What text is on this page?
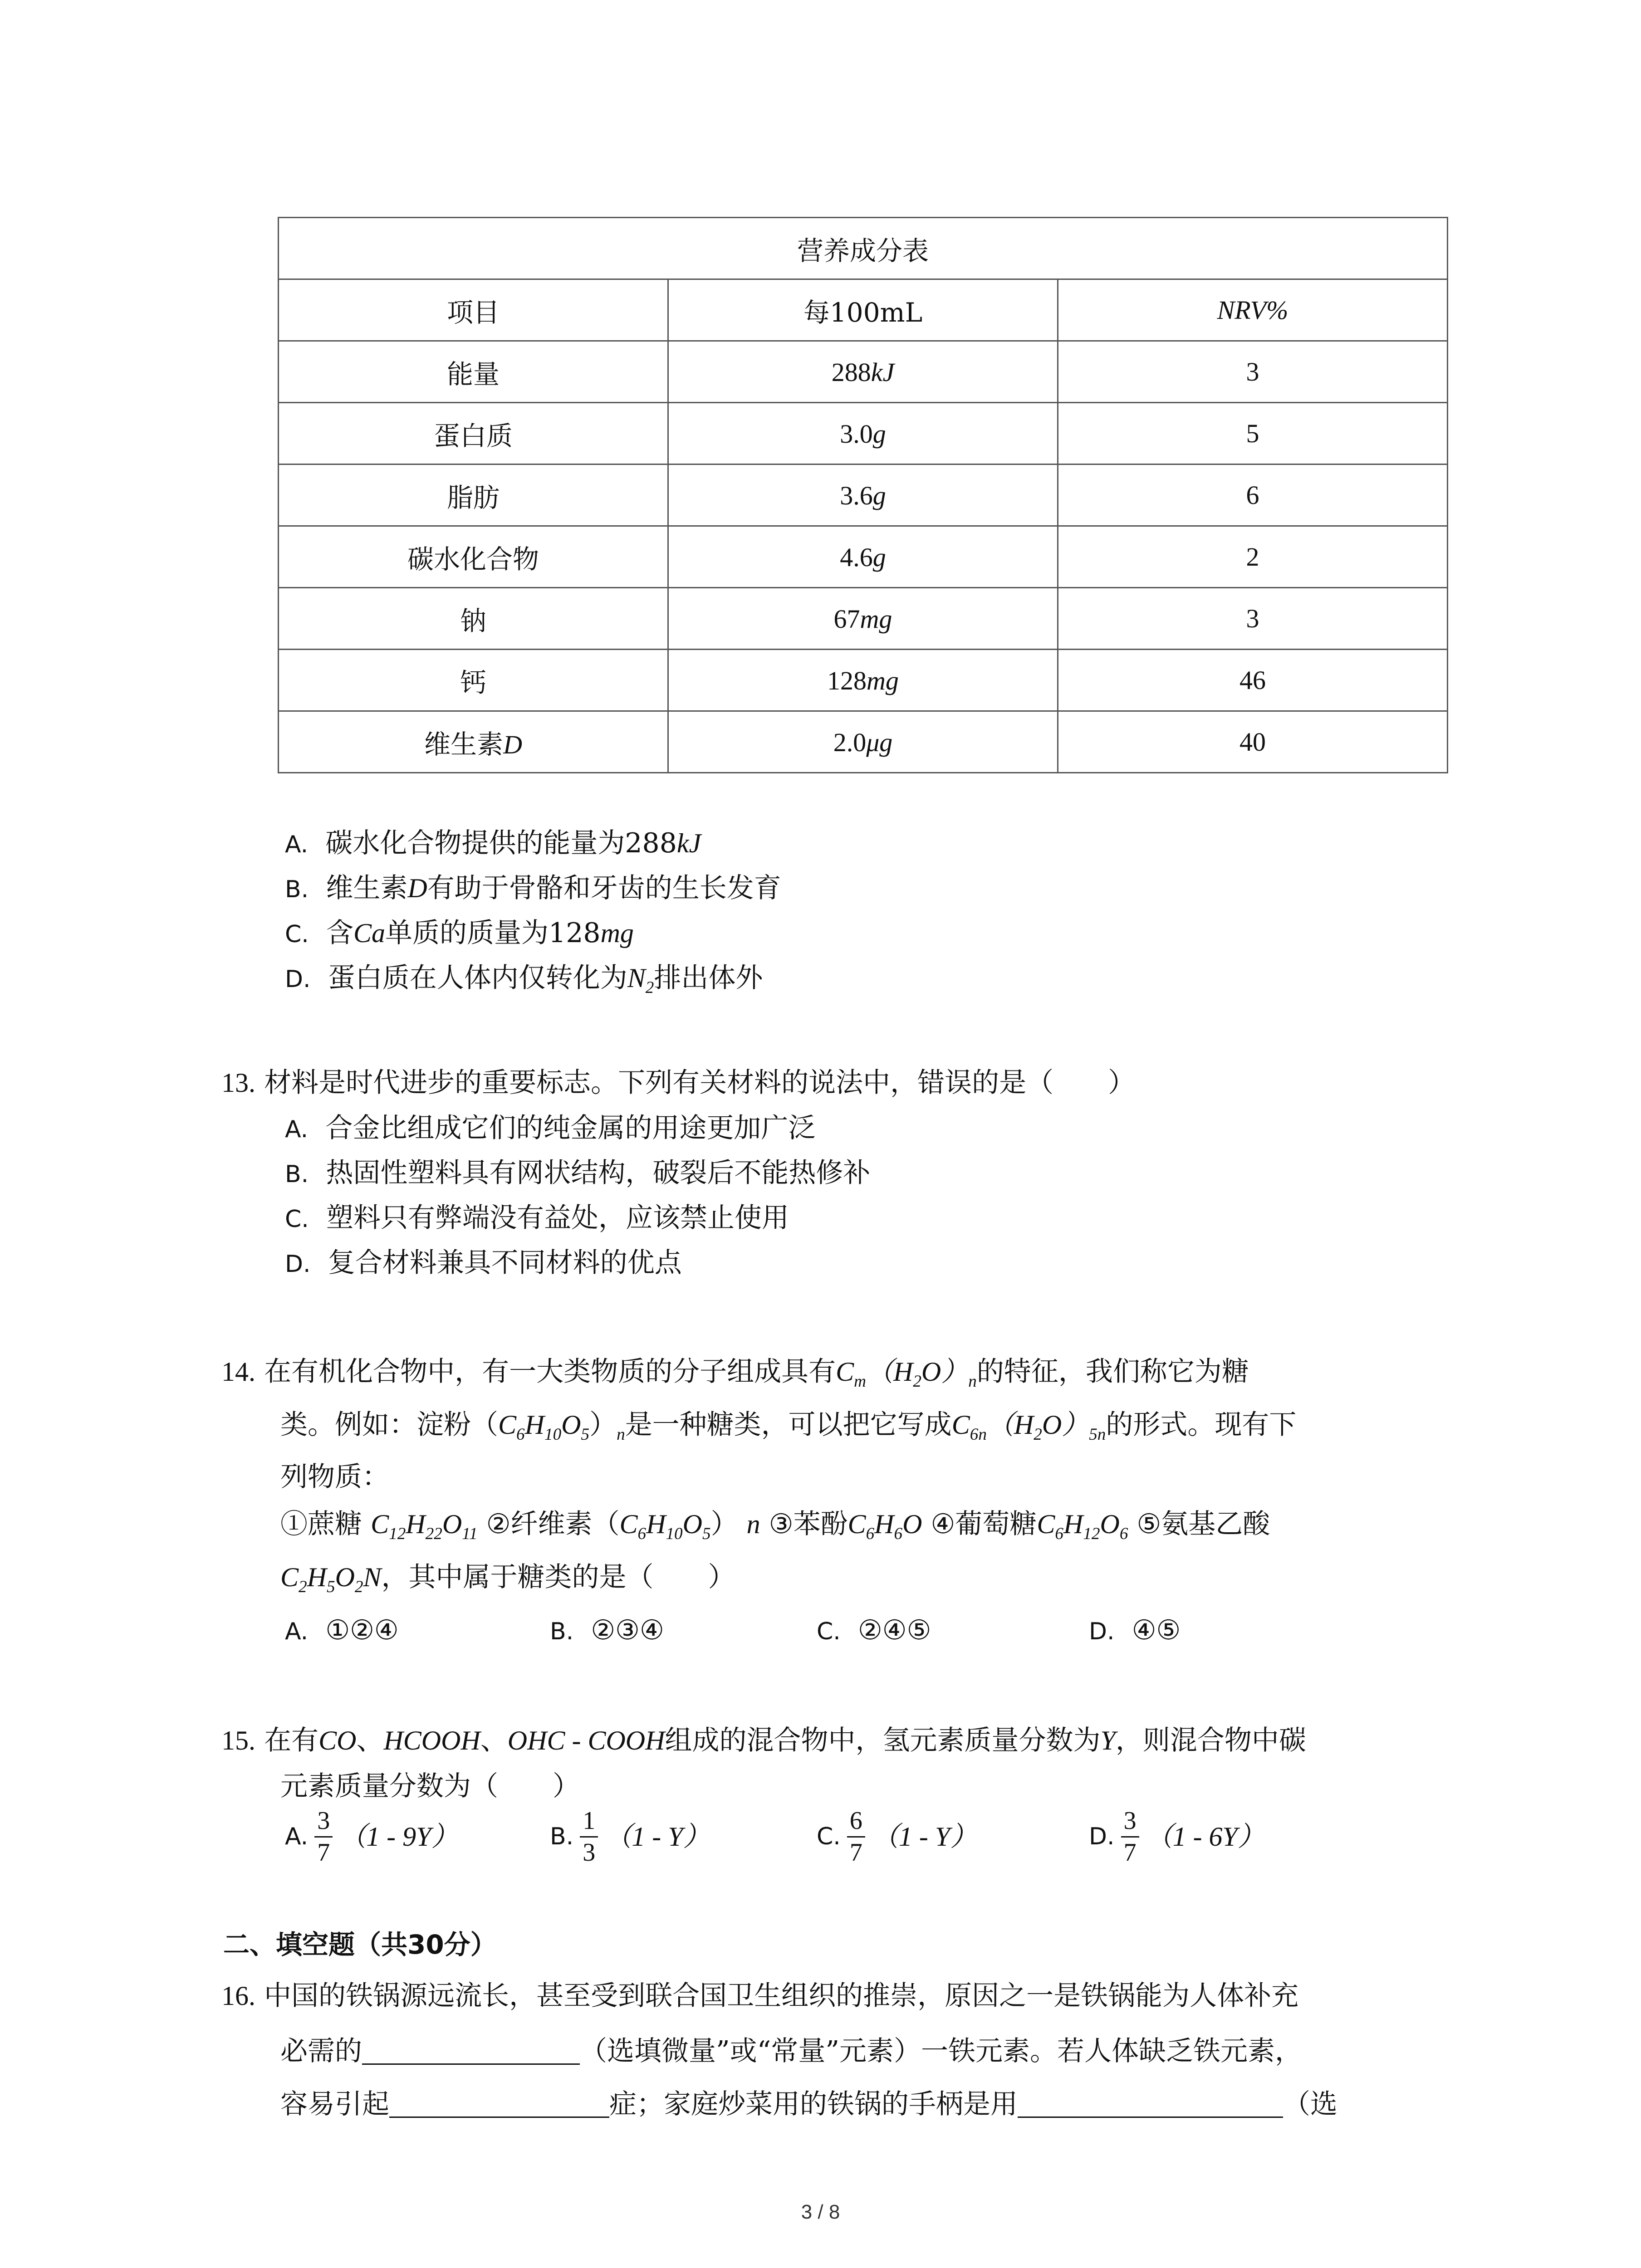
营养成分表		
项目	每100mL	NRV%
能量	288kJ	3
蛋白质	3.0g	5
脂肪	3.6g	6
碳水化合物	4.6g	2
钠	67mg	3
钙	128mg	46
维生素D	2.0μg	40
A. 碳水化合物提供的能量为288kJ
B. 维生素D有助于骨骼和牙齿的生长发育
C. 含Ca单质的质量为128mg
D. 蛋白质在人体内仅转化为$N_2$排出体外
13. 材料是时代进步的重要标志。下列有关材料的说法中，错误的是（　　）
A. 合金比组成它们的纯金属的用途更加广泛
B. 热固性塑料具有网状结构，破裂后不能热修补
C. 塑料只有弊端没有益处，应该禁止使用
D. 复合材料兼具不同材料的优点
14. 在有机化合物中，有一大类物质的分子组成具有$C_m(H_2O)_n$的特征，我们称它为糖
类。例如：淀粉$(C_6H_{10}O_5)_n$是一种糖类，可以把它写成$C_{6n}(H_2O)_{5n}$的形式。现有下
列物质：
①蔗糖 $C_{12}H_{22}O_{11}$ ②纤维素$(C_6H_{10}O_5)$ n ③苯酚$C_6H_6O$ ④葡萄糖$C_6H_{12}O_6$ ⑤氨基乙酸
$C_2H_5O_2N$，其中属于糖类的是（　　）
A. ①②④	B. ②③④	C. ②④⑤	D. ④⑤
15. 在有CO、HCOOH、OHC - COOH组成的混合物中，氢元素质量分数为Y，则混合物中碳
元素质量分数为（　　）
A. $\frac{3}{7} (1 - 9Y)$	B. $\frac{1}{3} (1 - Y)$	C. $\frac{6}{7} (1 - Y)$	D. $\frac{3}{7} (1 - 6Y)$
二、填空题（共30分）
16. 中国的铁锅源远流长，甚至受到联合国卫生组织的推崇，原因之一是铁锅能为人体补充
必需的	（选填微量”或“常量”元素）一铁元素。若人体缺乏铁元素，
容易引起	症；家庭炒菜用的铁锅的手柄是用	（选
3 / 8
